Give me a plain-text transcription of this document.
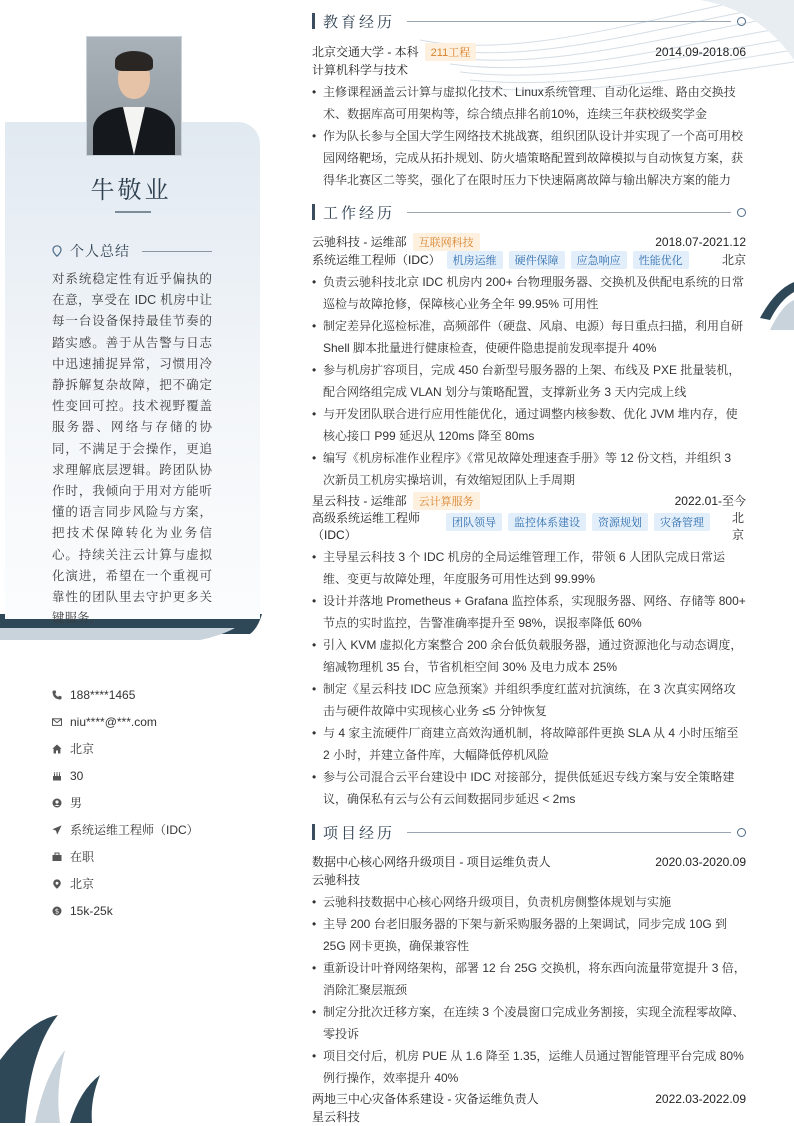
牛敬业
个人总结

对系统稳定性有近乎偏执的在意，享受在 IDC 机房中让每一台设备保持最佳节奏的踏实感。善于从告警与日志中迅速捕捉异常，习惯用冷静拆解复杂故障，把不确定性变回可控。技术视野覆盖服务器、网络与存储的协同，不满足于会操作，更追求理解底层逻辑。跨团队协作时，我倾向于用对方能听懂的语言同步风险与方案，把技术保障转化为业务信心。持续关注云计算与虚拟化演进，希望在一个重视可靠性的团队里去守护更多关键服务。

188****1465
niu****@***.com
北京
30
男
系统运维工程师（IDC）
在职
北京
$ 15k-25k
教育经历
北京交通大学 - 本科	211工程	2014.09-2018.06
计算机科学与技术
• 主修课程涵盖云计算与虚拟化技术、Linux系统管理、自动化运维、路由交换技术、数据库高可用架构等，综合绩点排名前10%，连续三年获校级奖学金
• 作为队长参与全国大学生网络技术挑战赛，组织团队设计并实现了一个高可用校园网络靶场，完成从拓扑规划、防火墙策略配置到故障模拟与自动恢复方案，获得华北赛区二等奖，强化了在限时压力下快速隔离故障与输出解决方案的能力
工作经历
云驰科技 - 运维部	互联网科技	2018.07-2021.12
系统运维工程师（IDC）	机房运维	硬件保障	应急响应	性能优化	北京
• 负责云驰科技北京 IDC 机房内 200+ 台物理服务器、交换机及供配电系统的日常巡检与故障抢修，保障核心业务全年 99.95% 可用性
• 制定差异化巡检标准，高频部件（硬盘、风扇、电源）每日重点扫描，利用自研 Shell 脚本批量进行健康检查，使硬件隐患提前发现率提升 40%
• 参与机房扩容项目，完成 450 台新型号服务器的上架、布线及 PXE 批量装机，配合网络组完成 VLAN 划分与策略配置，支撑新业务 3 天内完成上线
• 与开发团队联合进行应用性能优化，通过调整内核参数、优化 JVM 堆内存，使核心接口 P99 延迟从 120ms 降至 80ms
• 编写《机房标准作业程序》《常见故障处理速查手册》等 12 份文档，并组织 3 次新员工机房实操培训，有效缩短团队上手周期
星云科技 - 运维部	云计算服务	2022.01-至今
高级系统运维工程师（IDC）
团队领导	监控体系建设	资源规划	灾备管理	北京
• 主导星云科技 3 个 IDC 机房的全局运维管理工作，带领 6 人团队完成日常运维、变更与故障处理，年度服务可用性达到 99.99%
• 设计并落地 Prometheus + Grafana 监控体系，实现服务器、网络、存储等 800+ 节点的实时监控，告警准确率提升至 98%，误报率降低 60%
• 引入 KVM 虚拟化方案整合 200 余台低负载服务器，通过资源池化与动态调度，缩减物理机 35 台，节省机柜空间 30% 及电力成本 25%
• 制定《星云科技 IDC 应急预案》并组织季度红蓝对抗演练，在 3 次真实网络攻击与硬件故障中实现核心业务 ≤5 分钟恢复
• 与 4 家主流硬件厂商建立高效沟通机制，将故障部件更换 SLA 从 4 小时压缩至 2 小时，并建立备件库，大幅降低停机风险
• 参与公司混合云平台建设中 IDC 对接部分，提供低延迟专线方案与安全策略建议，确保私有云与公有云间数据同步延迟 < 2ms
项目经历
数据中心核心网络升级项目 - 项目运维负责人	2020.03-2020.09
云驰科技
• 云驰科技数据中心核心网络升级项目，负责机房侧整体规划与实施
• 主导 200 台老旧服务器的下架与新采购服务器的上架调试，同步完成 10G 到 25G 网卡更换，确保兼容性
• 重新设计叶脊网络架构，部署 12 台 25G 交换机，将东西向流量带宽提升 3 倍，消除汇聚层瓶颈
• 制定分批次迁移方案，在连续 3 个凌晨窗口完成业务割接，实现全流程零故障、零投诉
• 项目交付后，机房 PUE 从 1.6 降至 1.35，运维人员通过智能管理平台完成 80% 例行操作，效率提升 40%
两地三中心灾备体系建设 - 灾备运维负责人	2022.03-2022.09
星云科技
